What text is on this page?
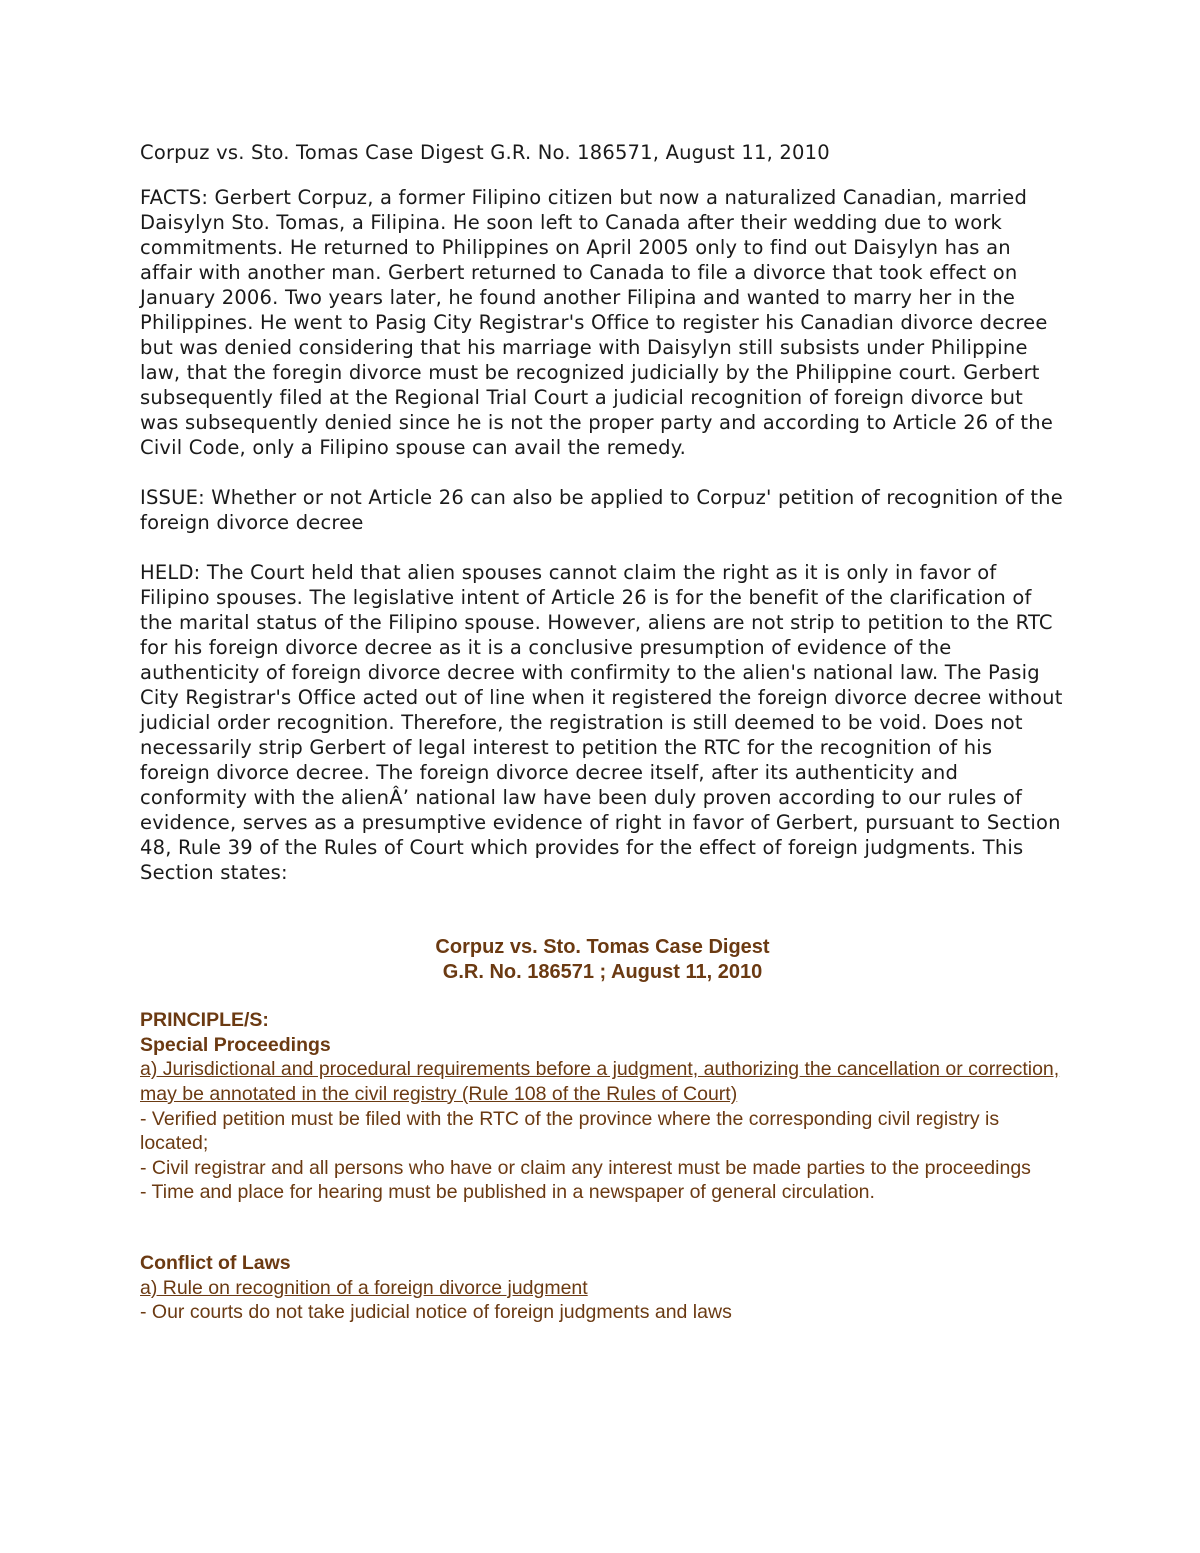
Corpuz vs. Sto. Tomas Case Digest G.R. No. 186571, August 11, 2010

FACTS: Gerbert Corpuz, a former Filipino citizen but now a naturalized Canadian, married Daisylyn Sto. Tomas, a Filipina. He soon left to Canada after their wedding due to work commitments. He returned to Philippines on April 2005 only to find out Daisylyn has an affair with another man. Gerbert returned to Canada to file a divorce that took effect on January 2006. Two years later, he found another Filipina and wanted to marry her in the Philippines. He went to Pasig City Registrar's Office to register his Canadian divorce decree but was denied considering that his marriage with Daisylyn still subsists under Philippine law, that the foregin divorce must be recognized judicially by the Philippine court. Gerbert subsequently filed at the Regional Trial Court a judicial recognition of foreign divorce but was subsequently denied since he is not the proper party and according to Article 26 of the Civil Code, only a Filipino spouse can avail the remedy.

ISSUE: Whether or not Article 26 can also be applied to Corpuz' petition of recognition of the foreign divorce decree

HELD: The Court held that alien spouses cannot claim the right as it is only in favor of Filipino spouses. The legislative intent of Article 26 is for the benefit of the clarification of the marital status of the Filipino spouse. However, aliens are not strip to petition to the RTC for his foreign divorce decree as it is a conclusive presumption of evidence of the authenticity of foreign divorce decree with confirmity to the alien's national law. The Pasig City Registrar's Office acted out of line when it registered the foreign divorce decree without judicial order recognition. Therefore, the registration is still deemed to be void. Does not necessarily strip Gerbert of legal interest to petition the RTC for the recognition of his foreign divorce decree. The foreign divorce decree itself, after its authenticity and conformity with the alienÂ’ national law have been duly proven according to our rules of evidence, serves as a presumptive evidence of right in favor of Gerbert, pursuant to Section 48, Rule 39 of the Rules of Court which provides for the effect of foreign judgments. This Section states:

Corpuz vs. Sto. Tomas Case Digest

G.R. No. 186571 ; August 11, 2010

PRINCIPLE/S:

Special Proceedings

a) Jurisdictional and procedural requirements before a judgment, authorizing the cancellation or correction, may be annotated in the civil registry (Rule 108 of the Rules of Court)

- Verified petition must be filed with the RTC of the province where the corresponding civil registry is located;

- Civil registrar and all persons who have or claim any interest must be made parties to the proceedings

- Time and place for hearing must be published in a newspaper of general circulation.

Conflict of Laws

a) Rule on recognition of a foreign divorce judgment

- Our courts do not take judicial notice of foreign judgments and laws
